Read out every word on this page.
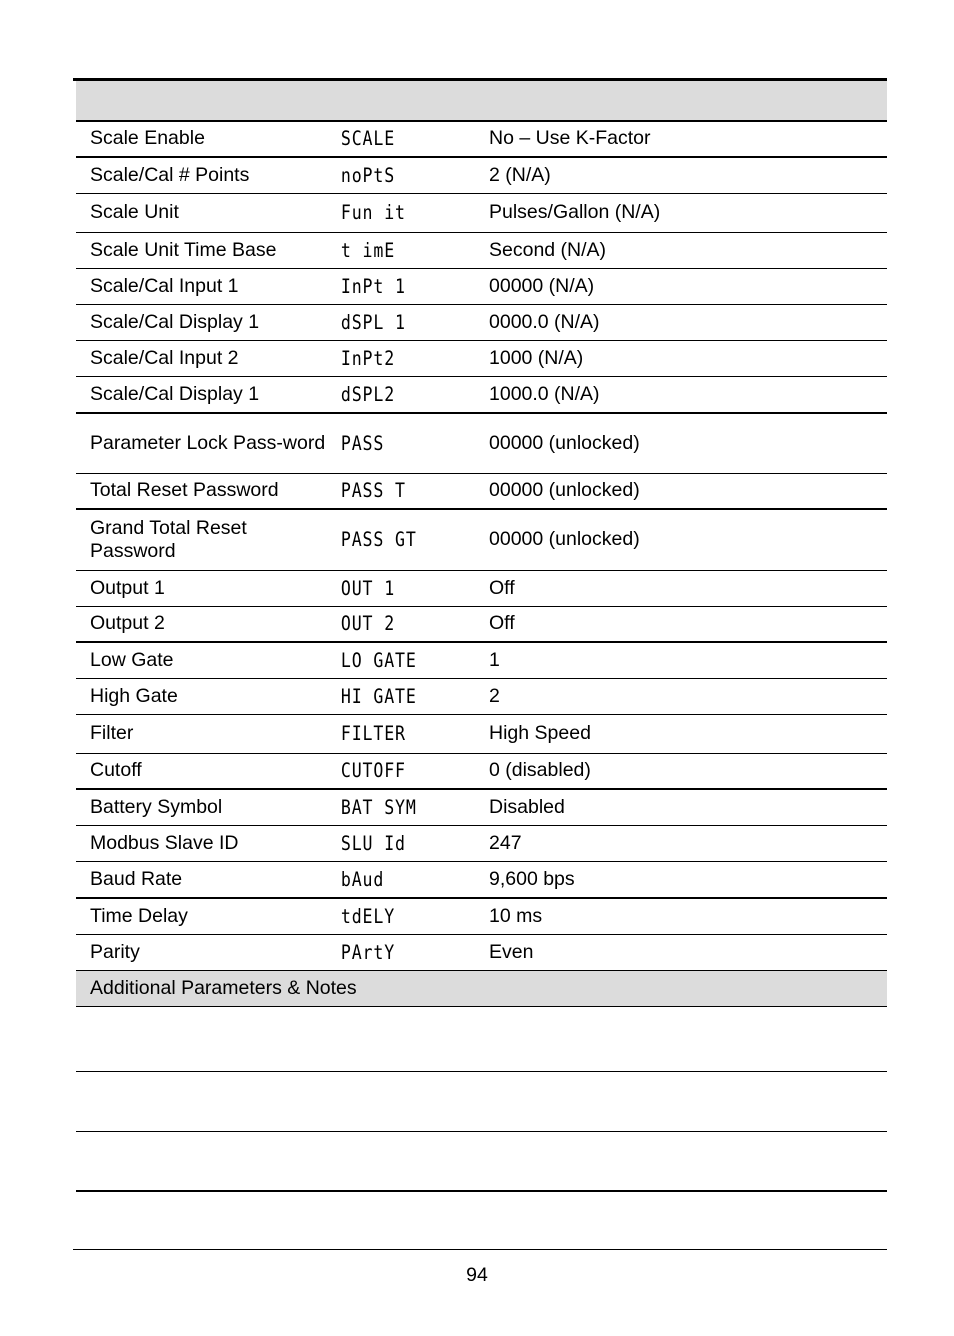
Scale Enable	SCALE	No – Use K-Factor
Scale/Cal # Points	noPtS	2 (N/A)
Scale Unit	Fun it	Pulses/Gallon (N/A)
Scale Unit Time Base	t imE	Second (N/A)
Scale/Cal Input 1	InPt 1	00000 (N/A)
Scale/Cal Display 1	dSPL 1	0000.0 (N/A)
Scale/Cal Input 2	InPt2	1000 (N/A)
Scale/Cal Display 1	dSPL2	1000.0 (N/A)
Parameter Lock Pass-word	PASS	00000 (unlocked)
Total Reset Password	PASS T	00000 (unlocked)
Grand Total Reset Password	PASS GT	00000 (unlocked)
Output 1	OUT 1	Off
Output 2	OUT 2	Off
Low Gate	LO GATE	1
High Gate	HI GATE	2
Filter	FILTER	High Speed
Cutoff	CUTOFF	0 (disabled)
Battery Symbol	BAT SYM	Disabled
Modbus Slave ID	SLU Id	247
Baud Rate	bAud	9,600 bps
Time Delay	tdELY	10 ms
Parity	PArtY	Even
Additional Parameters & Notes		
94
